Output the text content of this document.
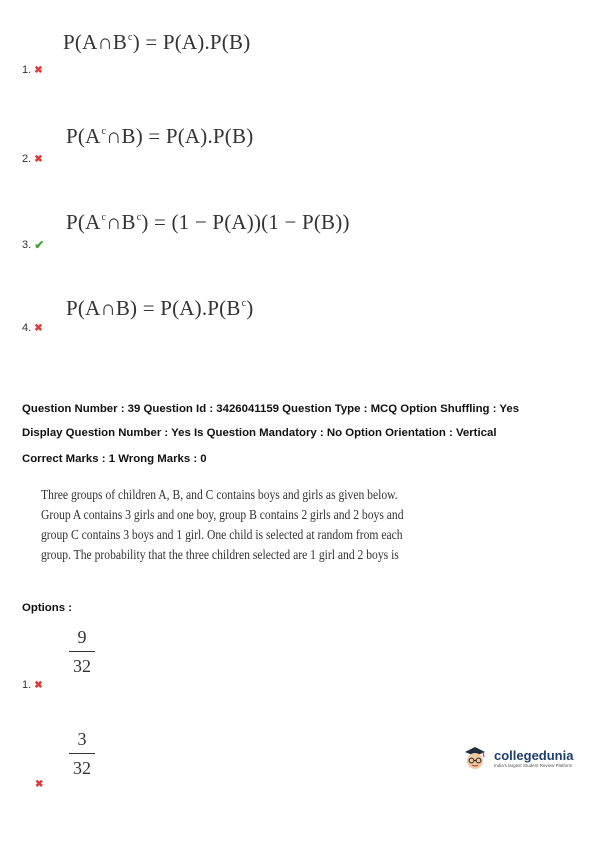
$P(A\cap B^c) = P(A).P(B)$
1. ✖
$P(A^c\cap B) = P(A).P(B)$
2. ✖
$P(A^c\cap B^c) = (1 - P(A))(1 - P(B))$
3. ✔
P(A∩B) = $P(A).P(B^c)$
4. ✖
Question Number : 39 Question Id : 3426041159 Question Type : MCQ Option Shuffling : Yes
Display Question Number : Yes Is Question Mandatory : No Option Orientation : Vertical
Correct Marks : 1 Wrong Marks : 0
Three groups of children A, B, and C contains boys and girls as given below. Group A contains 3 girls and one boy, group B contains 2 girls and 2 boys and group C contains 3 boys and 1 girl. One child is selected at random from each group. The probability that the three children selected are 1 girl and 2 boys is
Options :
9
32
1. ✖
3
32
✖
collegedunia
India's largest Student Review Platform
